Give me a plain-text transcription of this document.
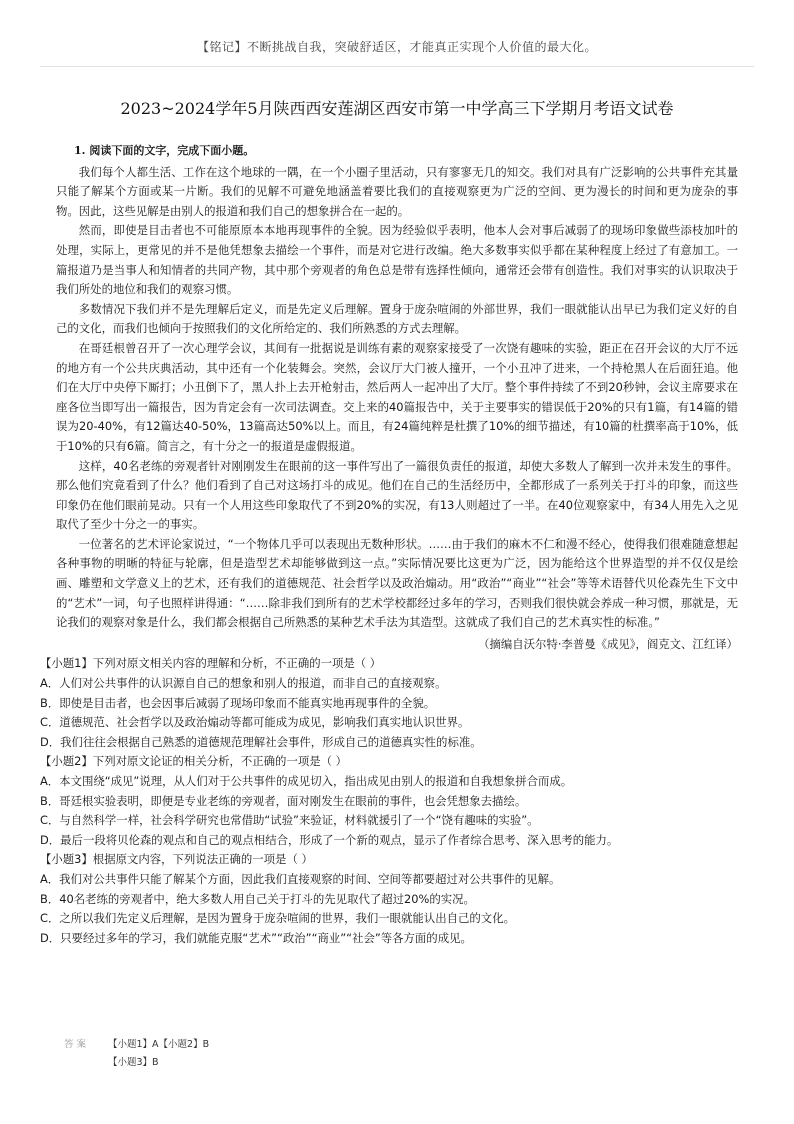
【铭记】不断挑战自我，突破舒适区，才能真正实现个人价值的最大化。
2023~2024学年5月陕西西安莲湖区西安市第一中学高三下学期月考语文试卷
1. 阅读下面的文字，完成下面小题。

我们每个人都生活、工作在这个地球的一隅，在一个小圈子里活动，只有寥寥无几的知交。我们对具有广泛影响的公共事件充其量只能了解某个方面或某一片断。我们的见解不可避免地涵盖着要比我们的直接观察更为广泛的空间、更为漫长的时间和更为庞杂的事物。因此，这些见解是由别人的报道和我们自己的想象拼合在一起的。

然而，即使是目击者也不可能原原本本地再现事件的全貌。因为经验似乎表明，他本人会对事后减弱了的现场印象做些添枝加叶的处理，实际上，更常见的并不是他凭想象去描绘一个事件，而是对它进行改编。绝大多数事实似乎都在某种程度上经过了有意加工。一篇报道乃是当事人和知情者的共同产物，其中那个旁观者的角色总是带有选择性倾向，通常还会带有创造性。我们对事实的认识取决于我们所处的地位和我们的观察习惯。

多数情况下我们并不是先理解后定义，而是先定义后理解。置身于庞杂喧闹的外部世界，我们一眼就能认出早已为我们定义好的自己的文化，而我们也倾向于按照我们的文化所给定的、我们所熟悉的方式去理解。

在哥廷根曾召开了一次心理学会议，其间有一批据说是训练有素的观察家接受了一次饶有趣味的实验，距正在召开会议的大厅不远的地方有一个公共庆典活动，其中还有一个化装舞会。突然，会议厅大门被人撞开，一个小丑冲了进来，一个持枪黑人在后面狂追。他们在大厅中央停下厮打；小丑倒下了，黑人扑上去开枪射击，然后两人一起冲出了大厅。整个事件持续了不到20秒钟，会议主席要求在座各位当即写出一篇报告，因为肯定会有一次司法调查。交上来的40篇报告中，关于主要事实的错误低于20%的只有1篇，有14篇的错误为20-40%，有12篇达40-50%，13篇高达50%以上。而且，有24篇纯粹是杜撰了10%的细节描述，有10篇的杜撰率高于10%，低于10%的只有6篇。简言之，有十分之一的报道是虚假报道。

这样，40名老练的旁观者针对刚刚发生在眼前的这一事件写出了一篇很负责任的报道，却使大多数人了解到一次并未发生的事件。那么他们究竟看到了什么？他们看到了自己对这场打斗的成见。他们在自己的生活经历中，全都形成了一系列关于打斗的印象，而这些印象仍在他们眼前晃动。只有一个人用这些印象取代了不到20%的实况，有13人则超过了一半。在40位观察家中，有34人用先入之见取代了至少十分之一的事实。

一位著名的艺术评论家说过，“一个物体几乎可以表现出无数种形状。……由于我们的麻木不仁和漫不经心，使得我们很难随意想起各种事物的明晰的特征与轮廓，但是造型艺术却能够做到这一点。”实际情况要比这更为广泛，因为能给这个世界造型的并不仅仅是绘画、雕塑和文学意义上的艺术，还有我们的道德规范、社会哲学以及政治煽动。用“政治”“商业”“社会”等等术语替代贝伦森先生下文中的“艺术”一词，句子也照样讲得通：“……除非我们到所有的艺术学校都经过多年的学习，否则我们很快就会养成一种习惯，那就是，无论我们的观察对象是什么，我们都会根据自己所熟悉的某种艺术手法为其造型。这就成了我们自己的艺术真实性的标准。”

（摘编自沃尔特·李普曼《成见》，阎克文、江红译）

【小题1】下列对原文相关内容的理解和分析，不正确的一项是（ ）

A．人们对公共事件的认识源自自己的想象和别人的报道，而非自己的直接观察。

B．即使是目击者，也会因事后减弱了现场印象而不能真实地再现事件的全貌。

C．道德规范、社会哲学以及政治煽动等都可能成为成见，影响我们真实地认识世界。

D．我们往往会根据自己熟悉的道德规范理解社会事件，形成自己的道德真实性的标准。

【小题2】下列对原文论证的相关分析，不正确的一项是（ ）

A．本文围绕“成见”说理，从人们对于公共事件的成见切入，指出成见由别人的报道和自我想象拼合而成。

B．哥廷根实验表明，即便是专业老练的旁观者，面对刚发生在眼前的事件，也会凭想象去描绘。

C．与自然科学一样，社会科学研究也常借助“试验”来验证，材料就援引了一个“饶有趣味的实验”。

D．最后一段将贝伦森的观点和自己的观点相结合，形成了一个新的观点，显示了作者综合思考、深入思考的能力。

【小题3】根据原文内容，下列说法正确的一项是（ ）

A．我们对公共事件只能了解某个方面，因此我们直接观察的时间、空间等都要超过对公共事件的见解。

B．40名老练的旁观者中，绝大多数人用自己关于打斗的先见取代了超过20%的实况。

C．之所以我们先定义后理解，是因为置身于庞杂喧闹的世界，我们一眼就能认出自己的文化。

D．只要经过多年的学习，我们就能克服“艺术”“政治”“商业”“社会”等各方面的成见。

答 案 【小题1】A【小题2】B
【小题3】B
